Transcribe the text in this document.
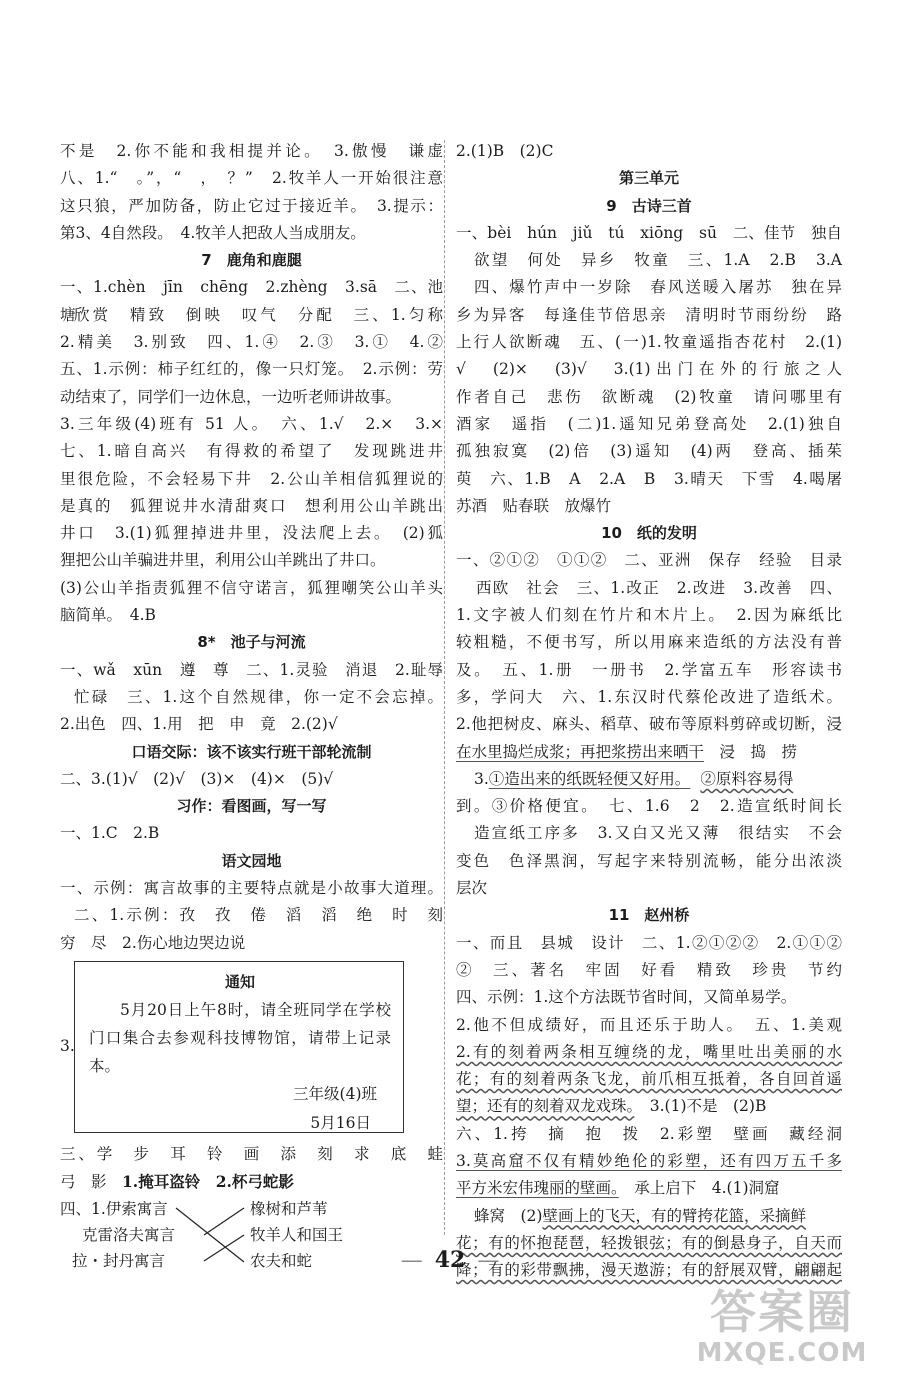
不是　2.你不能和我相提并论。　3.傲慢　谦虚
八、1.“　。”，“　，　？”　2.牧羊人一开始很注意
这只狼，严加防备，防止它过于接近羊。　3.提示：
第3、4自然段。　4.牧羊人把敌人当成朋友。
7　鹿角和鹿腿
一、1.chèn　jīn　chēng　2.zhèng　3.sā　二、池塘
欣赏　精致　倒映　叹气　分配　三、1.匀称
2.精美　3.别致　四、1.④　2.③　3.①　4.②
五、1.示例：柿子红红的，像一只灯笼。　2.示例：劳
动结束了，同学们一边休息，一边听老师讲故事。
3.三年级(4)班有 51 人。　六、1.√　2.×　3.×
七、1.暗自高兴　有得救的希望了　发现跳进井
里很危险，不会轻易下井　2.公山羊相信狐狸说的
是真的　狐狸说井水清甜爽口　想利用公山羊跳出
井口　3.(1)狐狸掉进井里，没法爬上去。　(2)狐
狸把公山羊骗进井里，利用公山羊跳出了井口。
(3)公山羊指责狐狸不信守诺言，狐狸嘲笑公山羊头
脑简单。　4.B
8*　池子与河流
一、wǎ　xūn　遵　尊　二、1.灵验　消退　2.耻辱
忙碌　三、1.这个自然规律，你一定不会忘掉。
2.出色　四、1.用　把　申　竟　2.(2)√
口语交际：该不该实行班干部轮流制
二、3.(1)√　(2)√　(3)×　(4)×　(5)√
习作：看图画，写一写
一、1.C　2.B
语文园地
一、示例：寓言故事的主要特点就是小故事大道理。
二、1.示例：孜　孜　倦　滔　滔　绝　时　刻
穷　尽　2.伤心地边哭边说
3.
通知
5月20日上午8时，请全班同学在学校门口集合去参观科技博物馆，请带上记录本。
三年级(4)班
5月16日
三、学　步　耳　铃　画　添　刻　求　底　蛙
弓　影　1.掩耳盗铃　2.杯弓蛇影
四、1.伊索寓言
克雷洛夫寓言
拉・封丹寓言
橡树和芦苇
牧羊人和国王
农夫和蛇
2.(1)B　(2)C
第三单元
9　古诗三首
一、bèi　hún　jiǔ　tú　xiōng　sū　二、佳节　独自
欲望　何处　异乡　牧童　三、1.A　2.B　3.A
四、爆竹声中一岁除　春风送暖入屠苏　独在异
乡为异客　每逢佳节倍思亲　清明时节雨纷纷　路
上行人欲断魂　五、(一)1.牧童遥指杏花村　2.(1)
√　(2)×　(3)√　3.(1)出门在外的行旅之人
作者自己　悲伤　欲断魂　(2)牧童　请问哪里有
酒家　遥指　(二)1.遥知兄弟登高处　2.(1)独自
孤独寂寞　(2)倍　(3)遥知　(4)两　登高、插茱
萸　六、1.B　A　2.A　B　3.晴天　下雪　4.喝屠
苏酒　贴春联　放爆竹
10　纸的发明
一、②①②　①①②　二、亚洲　保存　经验　目录
西欧　社会　三、1.改正　2.改进　3.改善　四、
1.文字被人们刻在竹片和木片上。　2.因为麻纸比
较粗糙，不便书写，所以用麻来造纸的方法没有普
及。　五、1.册　一册书　2.学富五车　形容读书
多，学问大　六、1.东汉时代蔡伦改进了造纸术。
2.他把树皮、麻头、稻草、破布等原料剪碎或切断，浸
在水里捣烂成浆；再把浆捞出来晒干　浸　捣　捞
3.①造出来的纸既轻便又好用。 ②原料容易得
到。③价格便宜。　七、1.6　2　2.造宣纸时间长
造宣纸工序多　3.又白又光又薄　很结实　不会
变色　色泽黑润，写起字来特别流畅，能分出浓淡
层次
11　赵州桥
一、而且　县城　设计　二、1.②①②②　2.①①②
②　三、著名　牢固　好看　精致　珍贵　节约
四、示例：1.这个方法既节省时间，又简单易学。
2.他不但成绩好，而且还乐于助人。　五、1.美观
2.有的刻着两条相互缠绕的龙，嘴里吐出美丽的水
花；有的刻着两条飞龙，前爪相互抵着，各自回首遥
望；还有的刻着双龙戏珠。　3.(1)不是　(2)B
六、1.挎　摘　抱　拨　2.彩塑　壁画　藏经洞
3.莫高窟不仅有精妙绝伦的彩塑，还有四万五千多
平方米宏伟瑰丽的壁画。　承上启下　4.(1)洞窟
蜂窝　(2)壁画上的飞天，有的臂挎花篮，采摘鲜
花；有的怀抱琵琶，轻拨银弦；有的倒悬身子，自天而
降；有的彩带飘拂，漫天遨游；有的舒展双臂，翩翩起
— 42 —
答案圈
MXQE.COM
